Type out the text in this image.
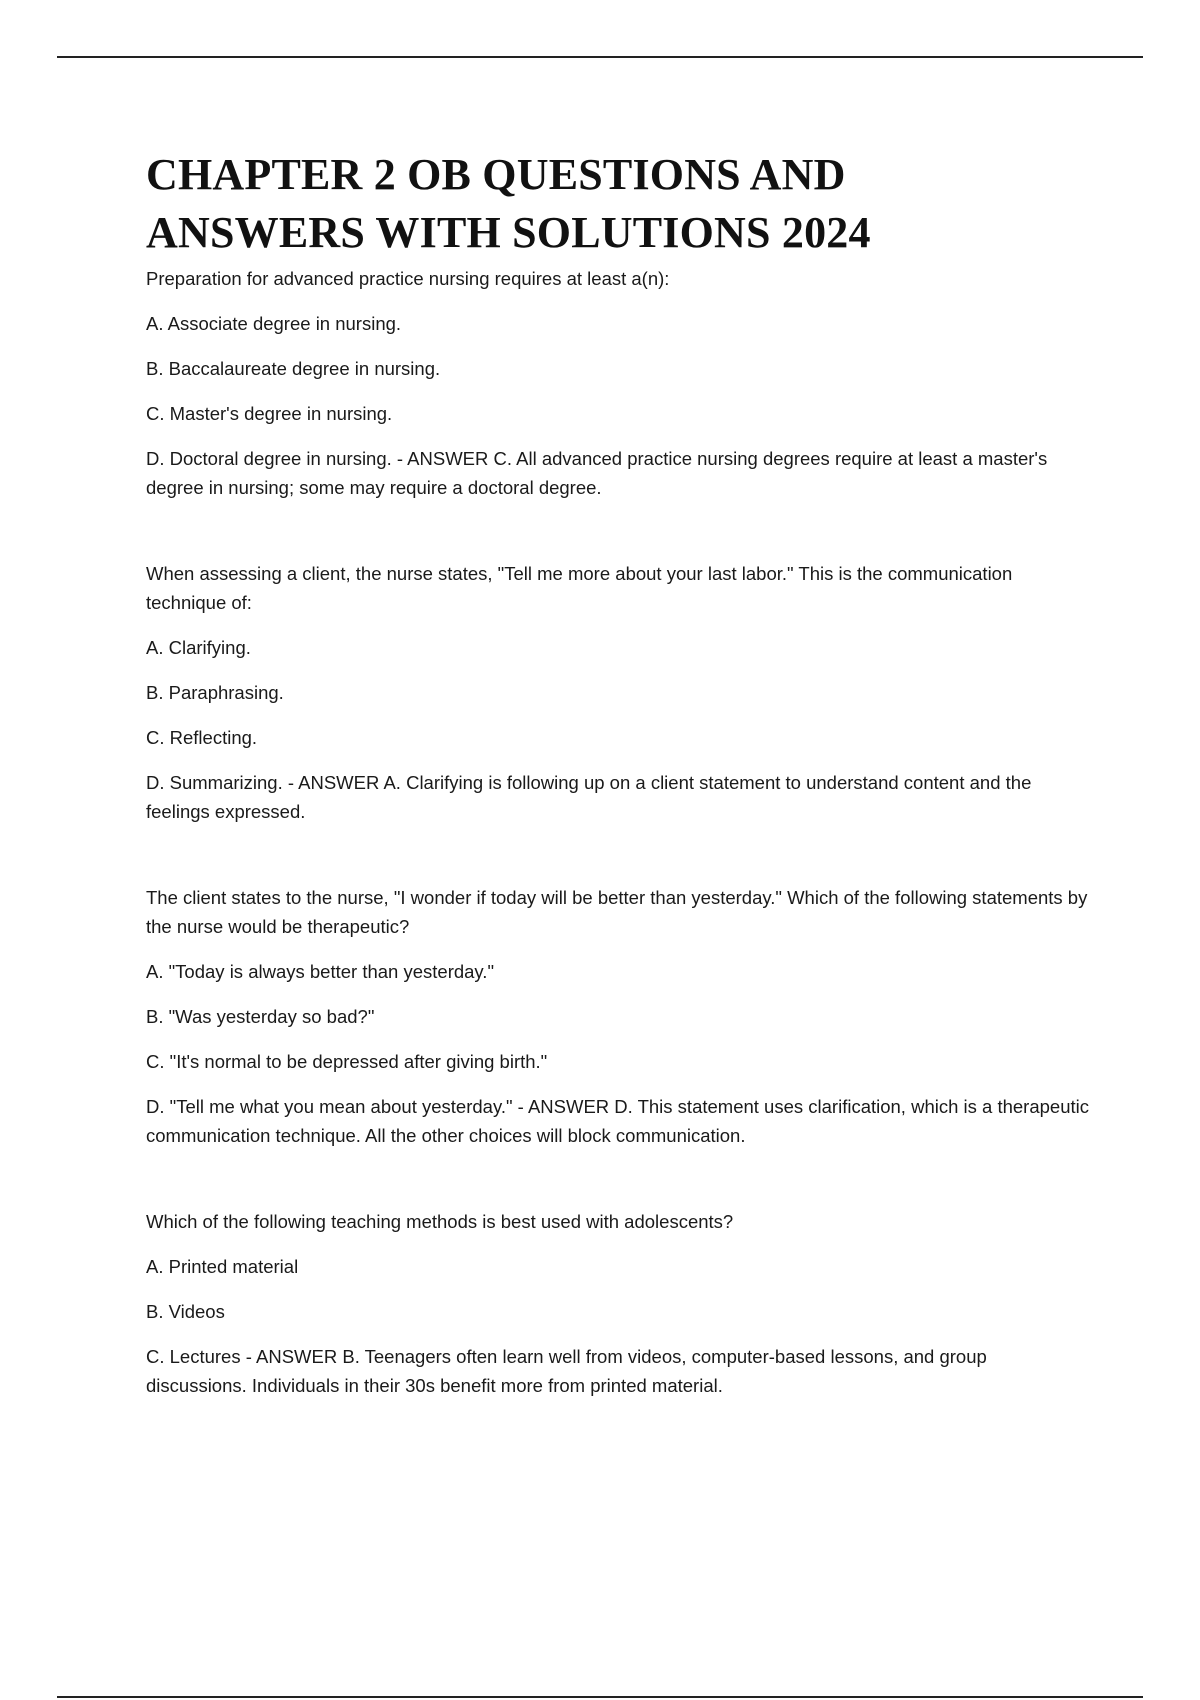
CHAPTER 2 OB QUESTIONS AND
ANSWERS WITH SOLUTIONS 2024

Preparation for advanced practice nursing requires at least a(n):

A. Associate degree in nursing.

B. Baccalaureate degree in nursing.

C. Master's degree in nursing.

D. Doctoral degree in nursing. - ANSWER C. All advanced practice nursing degrees require at least a master's degree in nursing; some may require a doctoral degree.

When assessing a client, the nurse states, "Tell me more about your last labor." This is the communication technique of:

A. Clarifying.

B. Paraphrasing.

C. Reflecting.

D. Summarizing. - ANSWER A. Clarifying is following up on a client statement to understand content and the feelings expressed.

The client states to the nurse, "I wonder if today will be better than yesterday." Which of the following statements by the nurse would be therapeutic?

A. "Today is always better than yesterday."

B. "Was yesterday so bad?"

C. "It's normal to be depressed after giving birth."

D. "Tell me what you mean about yesterday." - ANSWER D. This statement uses clarification, which is a therapeutic communication technique. All the other choices will block communication.

Which of the following teaching methods is best used with adolescents?

A. Printed material

B. Videos

C. Lectures - ANSWER B. Teenagers often learn well from videos, computer-based lessons, and group discussions. Individuals in their 30s benefit more from printed material.
